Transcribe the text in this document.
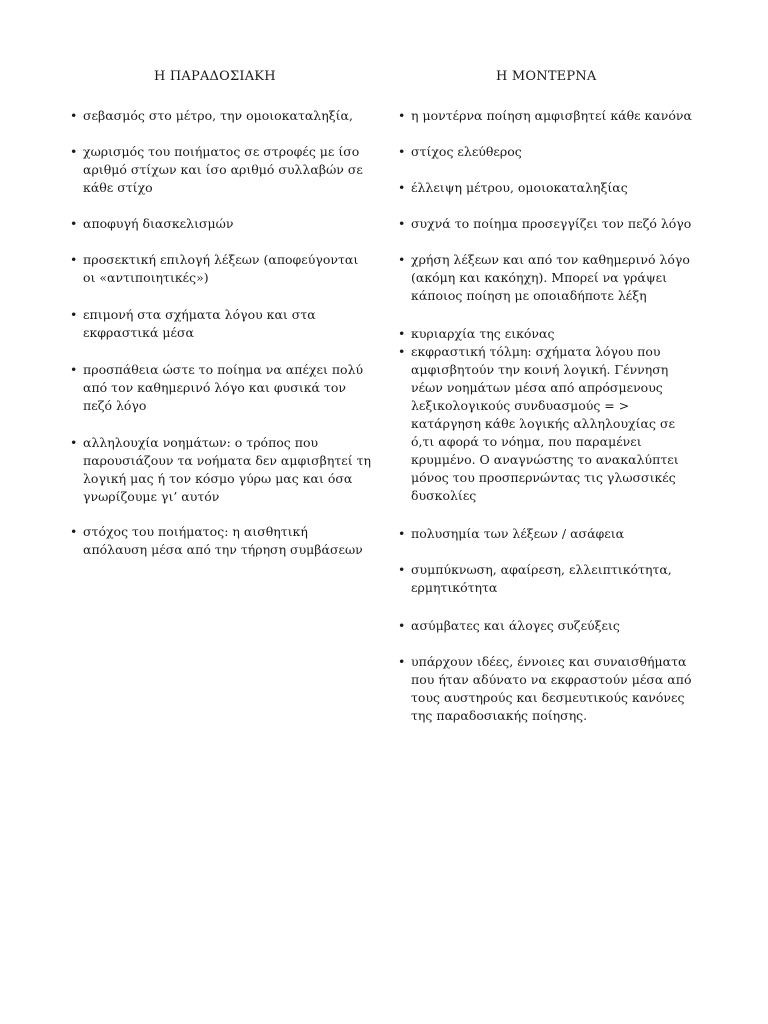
Η ΠΑΡΑΔΟΣΙΑΚΗ
• σεβασμός στο μέτρο, την ομοιοκαταληξία,
• χωρισμός του ποιήματος σε στροφές με ίσο
αριθμό στίχων και ίσο αριθμό συλλαβών σε
κάθε στίχο
• αποφυγή διασκελισμών
• προσεκτική επιλογή λέξεων (αποφεύγονται
οι «αντιποιητικές»)
• επιμονή στα σχήματα λόγου και στα
εκφραστικά μέσα
• προσπάθεια ώστε το ποίημα να απέχει πολύ
από τον καθημερινό λόγο και φυσικά τον
πεζό λόγο
• αλληλουχία νοημάτων: ο τρόπος που
παρουσιάζουν τα νοήματα δεν αμφισβητεί τη
λογική μας ή τον κόσμο γύρω μας και όσα
γνωρίζουμε γι’ αυτόν
• στόχος του ποιήματος: η αισθητική
απόλαυση μέσα από την τήρηση συμβάσεων
Η ΜΟΝΤΕΡΝΑ
• η μοντέρνα ποίηση αμφισβητεί κάθε κανόνα
• στίχος ελεύθερος
• έλλειψη μέτρου, ομοιοκαταληξίας
• συχνά το ποίημα προσεγγίζει τον πεζό λόγο
• χρήση λέξεων και από τον καθημερινό λόγο
(ακόμη και κακόηχη). Μπορεί να γράψει
κάποιος ποίηση με οποιαδήποτε λέξη
• κυριαρχία της εικόνας
• εκφραστική τόλμη: σχήματα λόγου που
αμφισβητούν την κοινή λογική. Γέννηση
νέων νοημάτων μέσα από απρόσμενους
λεξικολογικούς συνδυασμούς = >
κατάργηση κάθε λογικής αλληλουχίας σε
ό,τι αφορά το νόημα, που παραμένει
κρυμμένο. Ο αναγνώστης το ανακαλύπτει
μόνος του προσπερνώντας τις γλωσσικές
δυσκολίες
• πολυσημία των λέξεων / ασάφεια
• συμπύκνωση, αφαίρεση, ελλειπτικότητα,
ερμητικότητα
• ασύμβατες και άλογες συζεύξεις
• υπάρχουν ιδέες, έννοιες και συναισθήματα
που ήταν αδύνατο να εκφραστούν μέσα από
τους αυστηρούς και δεσμευτικούς κανόνες
της παραδοσιακής ποίησης.
